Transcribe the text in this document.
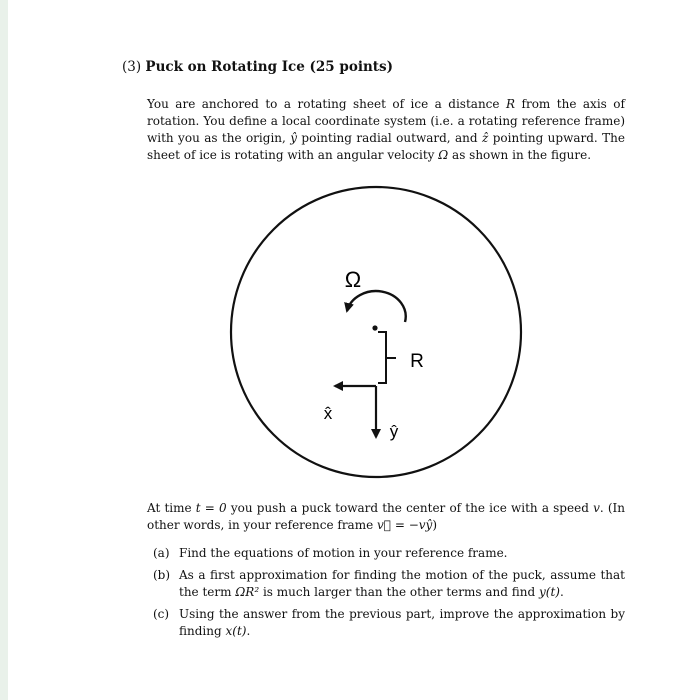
(3) Puck on Rotating Ice (25 points)
You are anchored to a rotating sheet of ice a distance R from the axis of rotation. You define a local coordinate system (i.e. a rotating reference frame) with you as the origin, ŷ pointing radial outward, and ẑ pointing upward. The sheet of ice is rotating with an angular velocity Ω as shown in the figure.
Ω
R
x̂
ŷ
At time t = 0 you push a puck toward the center of the ice with a speed v. (In other words, in your reference frame v⃗ = −vŷ)
(a) Find the equations of motion in your reference frame.
(b) As a first approximation for finding the motion of the puck, assume that the term ΩR² is much larger than the other terms and find y(t).
(c) Using the answer from the previous part, improve the approximation by finding x(t).
